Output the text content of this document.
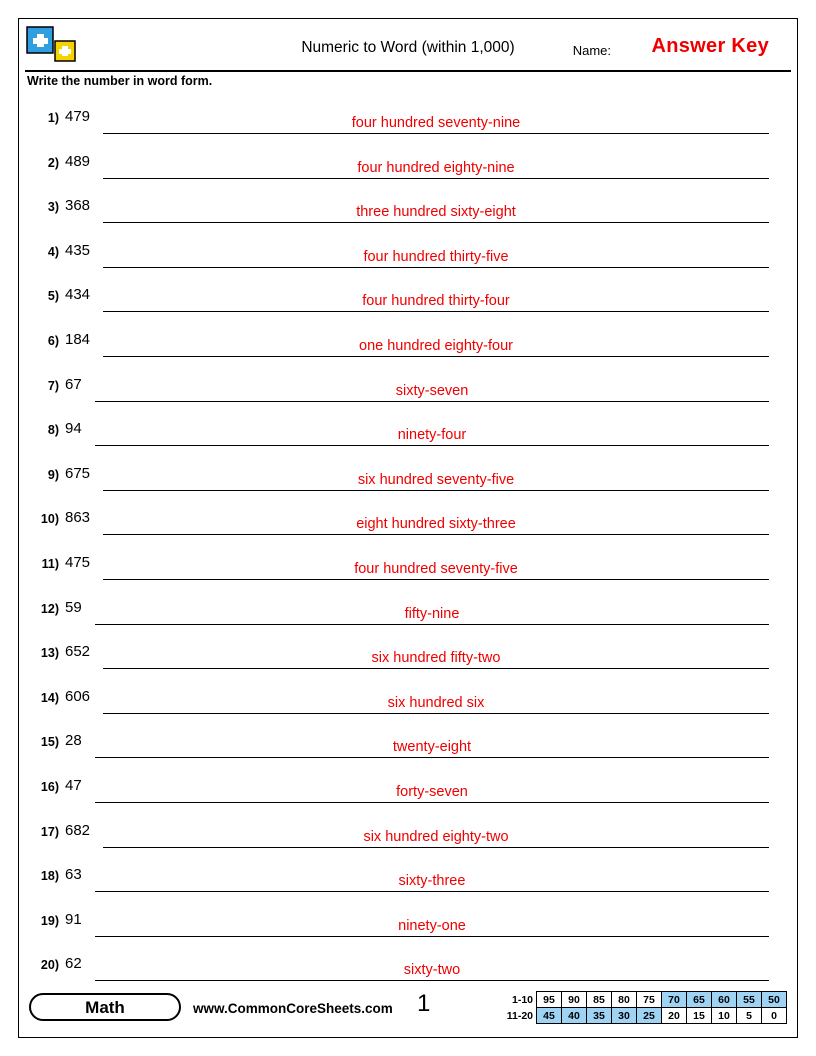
Numeric to Word (within 1,000)	Name: Answer Key
Write the number in word form.
1) 479	four hundred seventy-nine
2) 489	four hundred eighty-nine
3) 368	three hundred sixty-eight
4) 435	four hundred thirty-five
5) 434	four hundred thirty-four
6) 184	one hundred eighty-four
7) 67	sixty-seven
8) 94	ninety-four
9) 675	six hundred seventy-five
10) 863	eight hundred sixty-three
11) 475	four hundred seventy-five
12) 59	fifty-nine
13) 652	six hundred fifty-two
14) 606	six hundred six
15) 28	twenty-eight
16) 47	forty-seven
17) 682	six hundred eighty-two
18) 63	sixty-three
19) 91	ninety-one
20) 62	sixty-two
Math	www.CommonCoreSheets.com 1	1-10	95	90	85	80	75	70	65	60	55	50
11-20	45	40	35	30	25	20	15	10	5	0
